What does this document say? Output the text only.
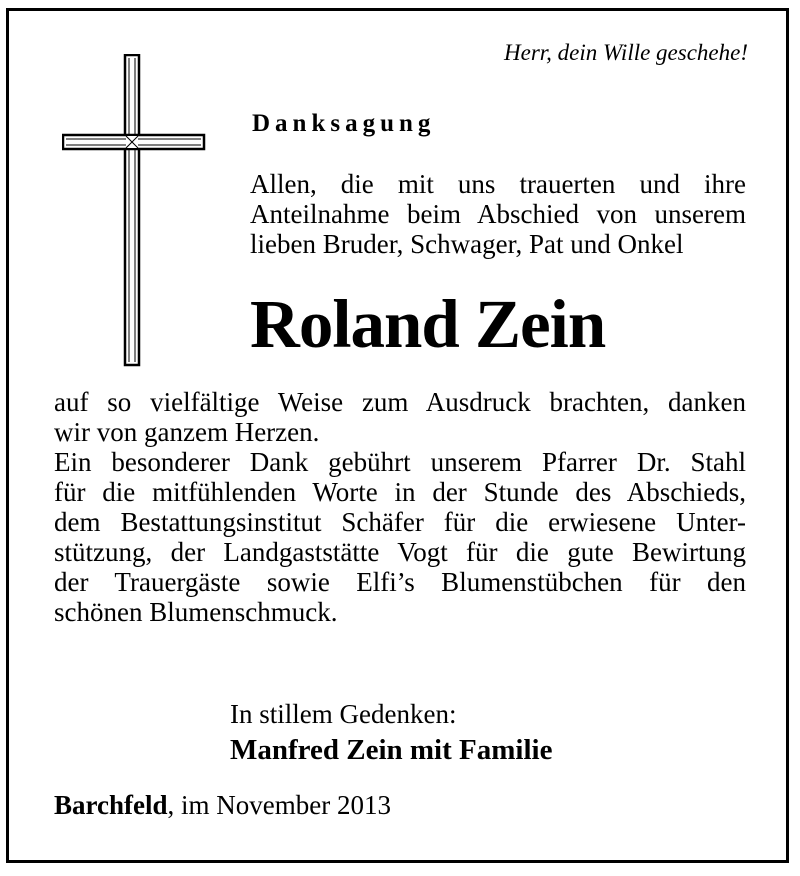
Herr, dein Wille geschehe!
Danksagung
Allen, die mit uns trauerten und ihre
Anteilnahme beim Abschied von unserem
lieben Bruder, Schwager, Pat und Onkel
Roland Zein
auf so vielfältige Weise zum Ausdruck brachten, danken
wir von ganzem Herzen.
Ein besonderer Dank gebührt unserem Pfarrer Dr. Stahl
für die mitfühlenden Worte in der Stunde des Abschieds,
dem Bestattungsinstitut Schäfer für die erwiesene Unter-
stützung, der Landgaststätte Vogt für die gute Bewirtung
der Trauergäste sowie Elfi’s Blumenstübchen für den
schönen Blumenschmuck.
In stillem Gedenken:
Manfred Zein mit Familie
Barchfeld, im November 2013
